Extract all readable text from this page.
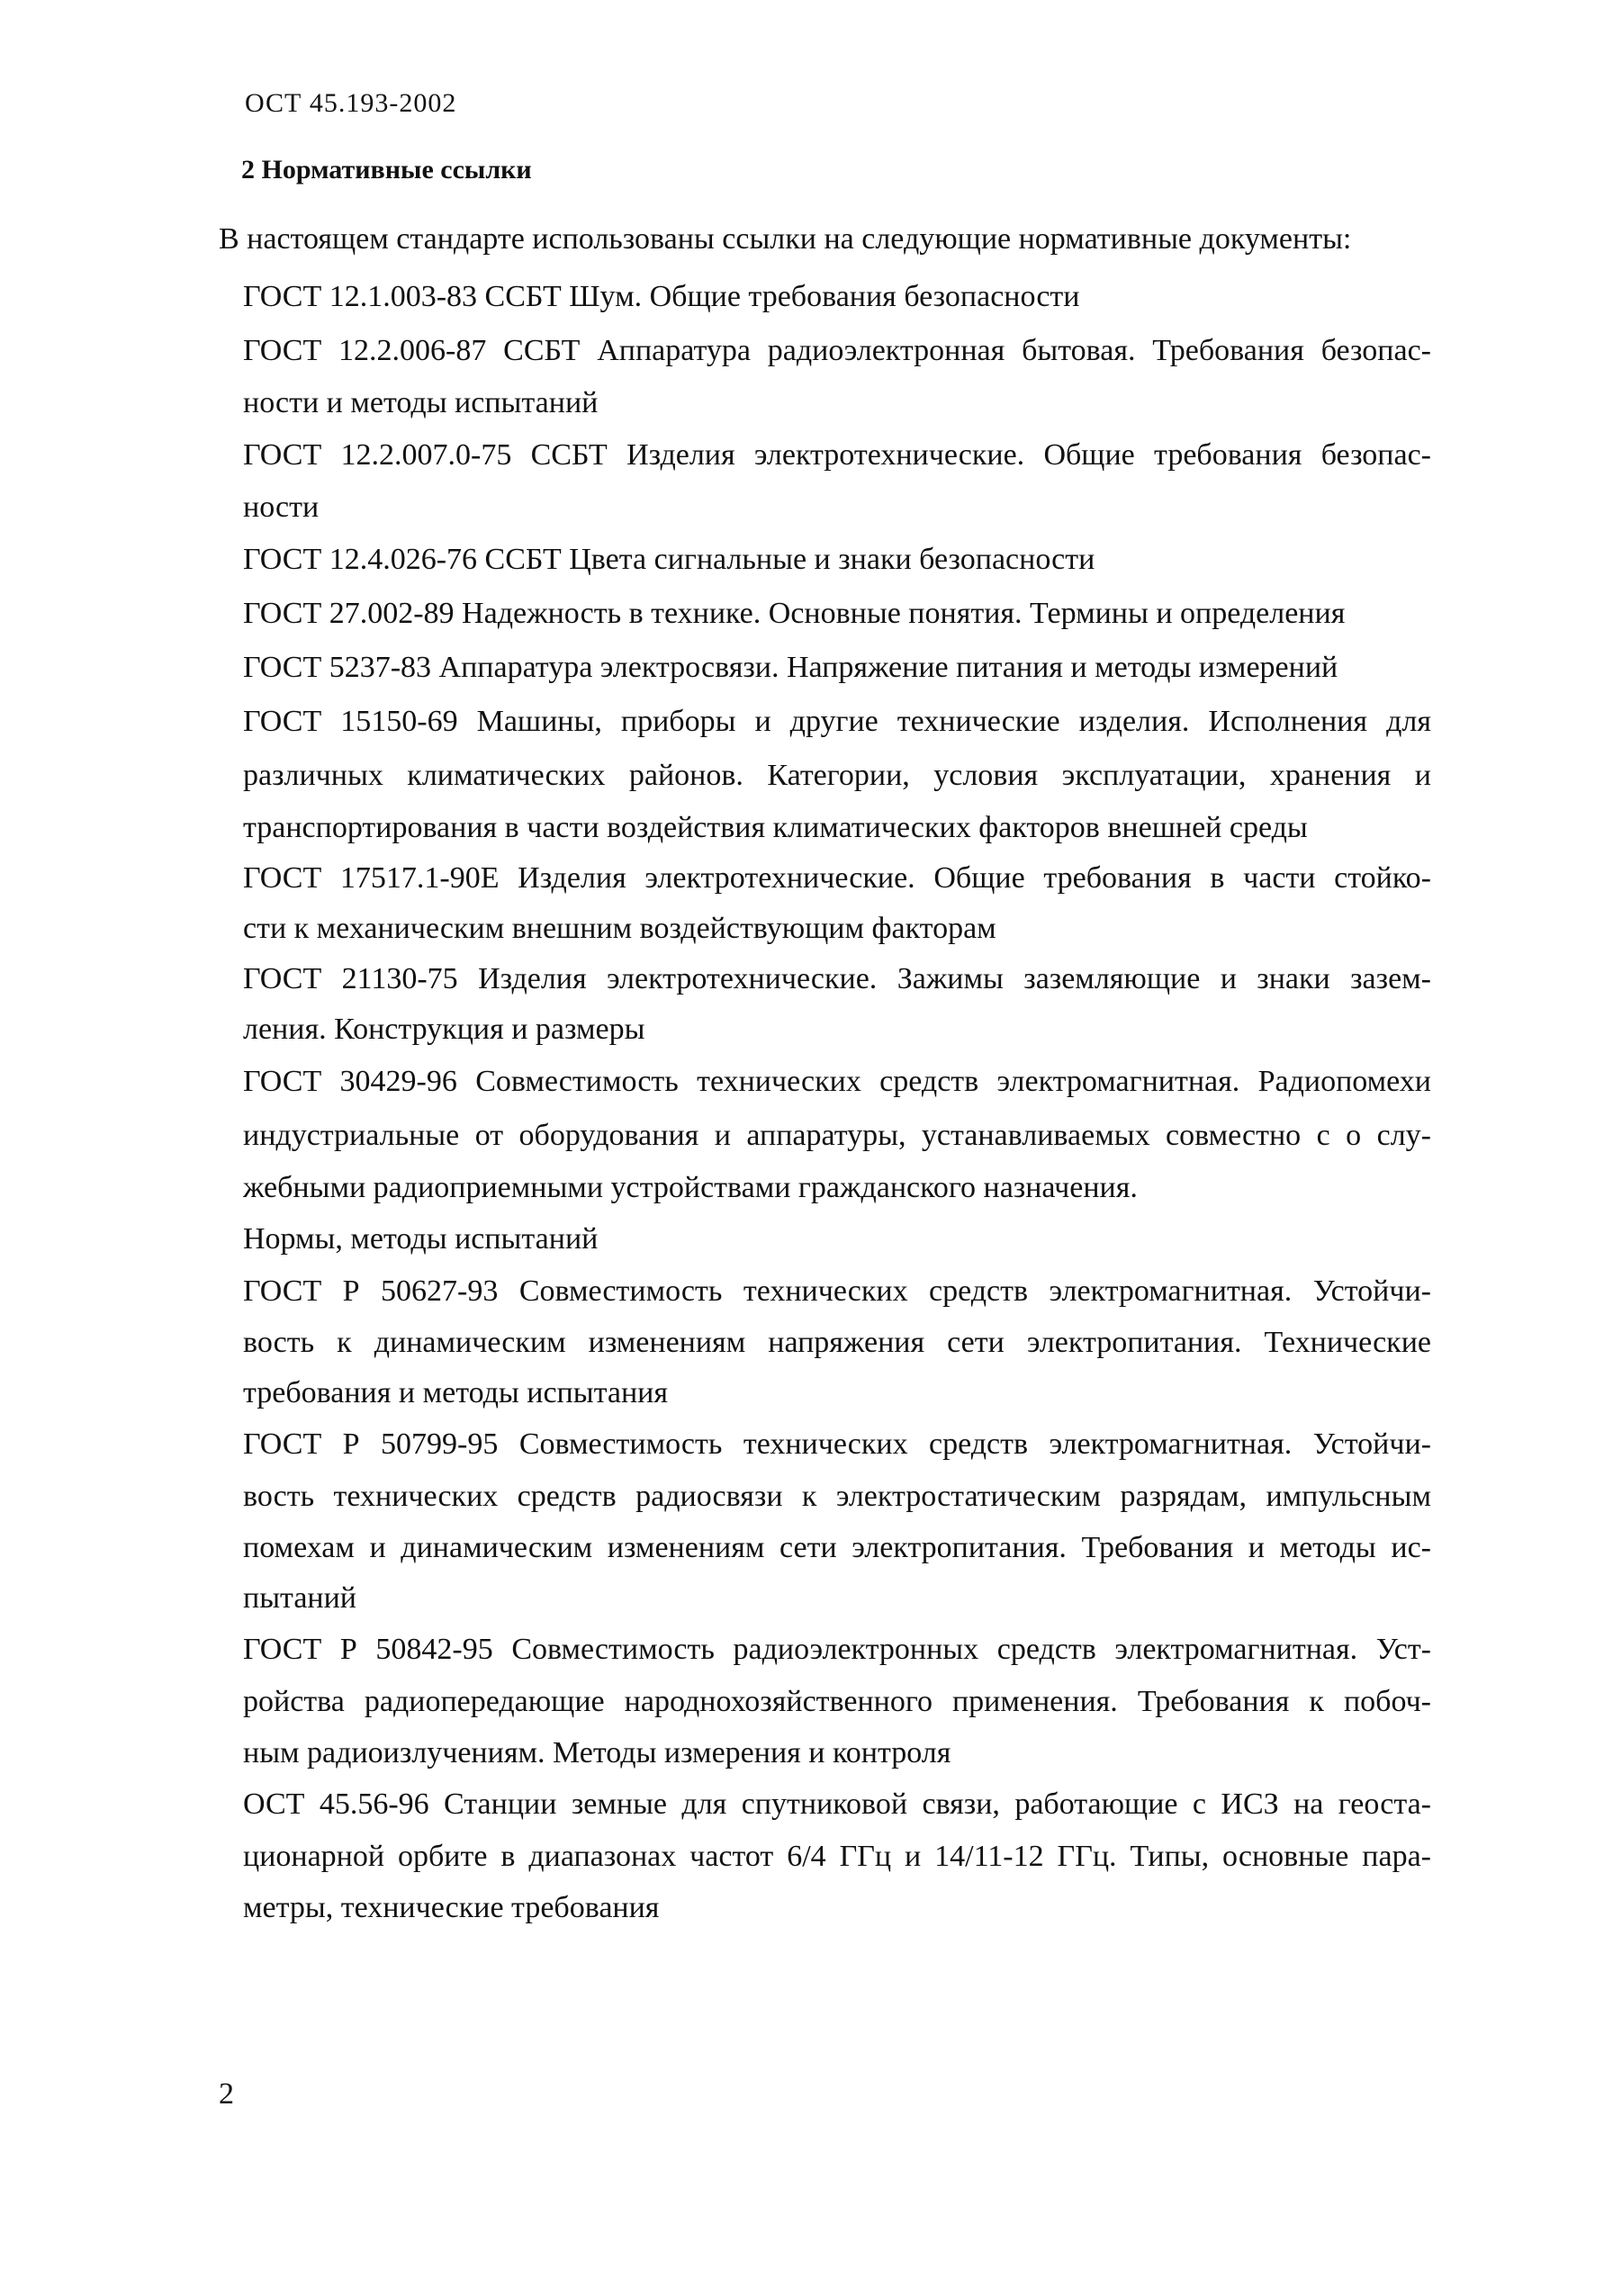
ОСТ 45.193-2002
2 Нормативные ссылки
В настоящем стандарте использованы ссылки на следующие нормативные документы:
ГОСТ 12.1.003-83 ССБТ Шум. Общие требования безопасности
ГОСТ 12.2.006-87 ССБТ Аппаратура радиоэлектронная бытовая. Требования безопас-
ности и методы испытаний
ГОСТ 12.2.007.0-75 ССБТ Изделия электротехнические. Общие требования безопас-
ности
ГОСТ 12.4.026-76 ССБТ Цвета сигнальные и знаки безопасности
ГОСТ 27.002-89 Надежность в технике. Основные понятия. Термины и определения
ГОСТ 5237-83 Аппаратура электросвязи. Напряжение питания и методы измерений
ГОСТ 15150-69 Машины, приборы и другие технические изделия. Исполнения для
различных климатических районов. Категории, условия эксплуатации, хранения и
транспортирования в части воздействия климатических факторов внешней среды
ГОСТ 17517.1-90Е Изделия электротехнические. Общие требования в части стойко-
сти к механическим внешним воздействующим факторам
ГОСТ 21130-75 Изделия электротехнические. Зажимы заземляющие и знаки зазем-
ления. Конструкция и размеры
ГОСТ 30429-96 Совместимость технических средств электромагнитная. Радиопомехи
индустриальные от оборудования и аппаратуры, устанавливаемых совместно с о слу-
жебными радиоприемными устройствами гражданского назначения.
Нормы, методы испытаний
ГОСТ Р 50627-93 Совместимость технических средств электромагнитная. Устойчи-
вость к динамическим изменениям напряжения сети электропитания. Технические
требования и методы испытания
ГОСТ Р 50799-95 Совместимость технических средств электромагнитная. Устойчи-
вость технических средств радиосвязи к электростатическим разрядам, импульсным
помехам и динамическим изменениям сети электропитания. Требования и методы ис-
пытаний
ГОСТ Р 50842-95 Совместимость радиоэлектронных средств электромагнитная. Уст-
ройства радиопередающие народнохозяйственного применения. Требования к побоч-
ным радиоизлучениям. Методы измерения и контроля
ОСТ 45.56-96 Станции земные для спутниковой связи, работающие с ИСЗ на геоста-
ционарной орбите в диапазонах частот 6/4 ГГц и 14/11-12 ГГц. Типы, основные пара-
метры, технические требования
2
